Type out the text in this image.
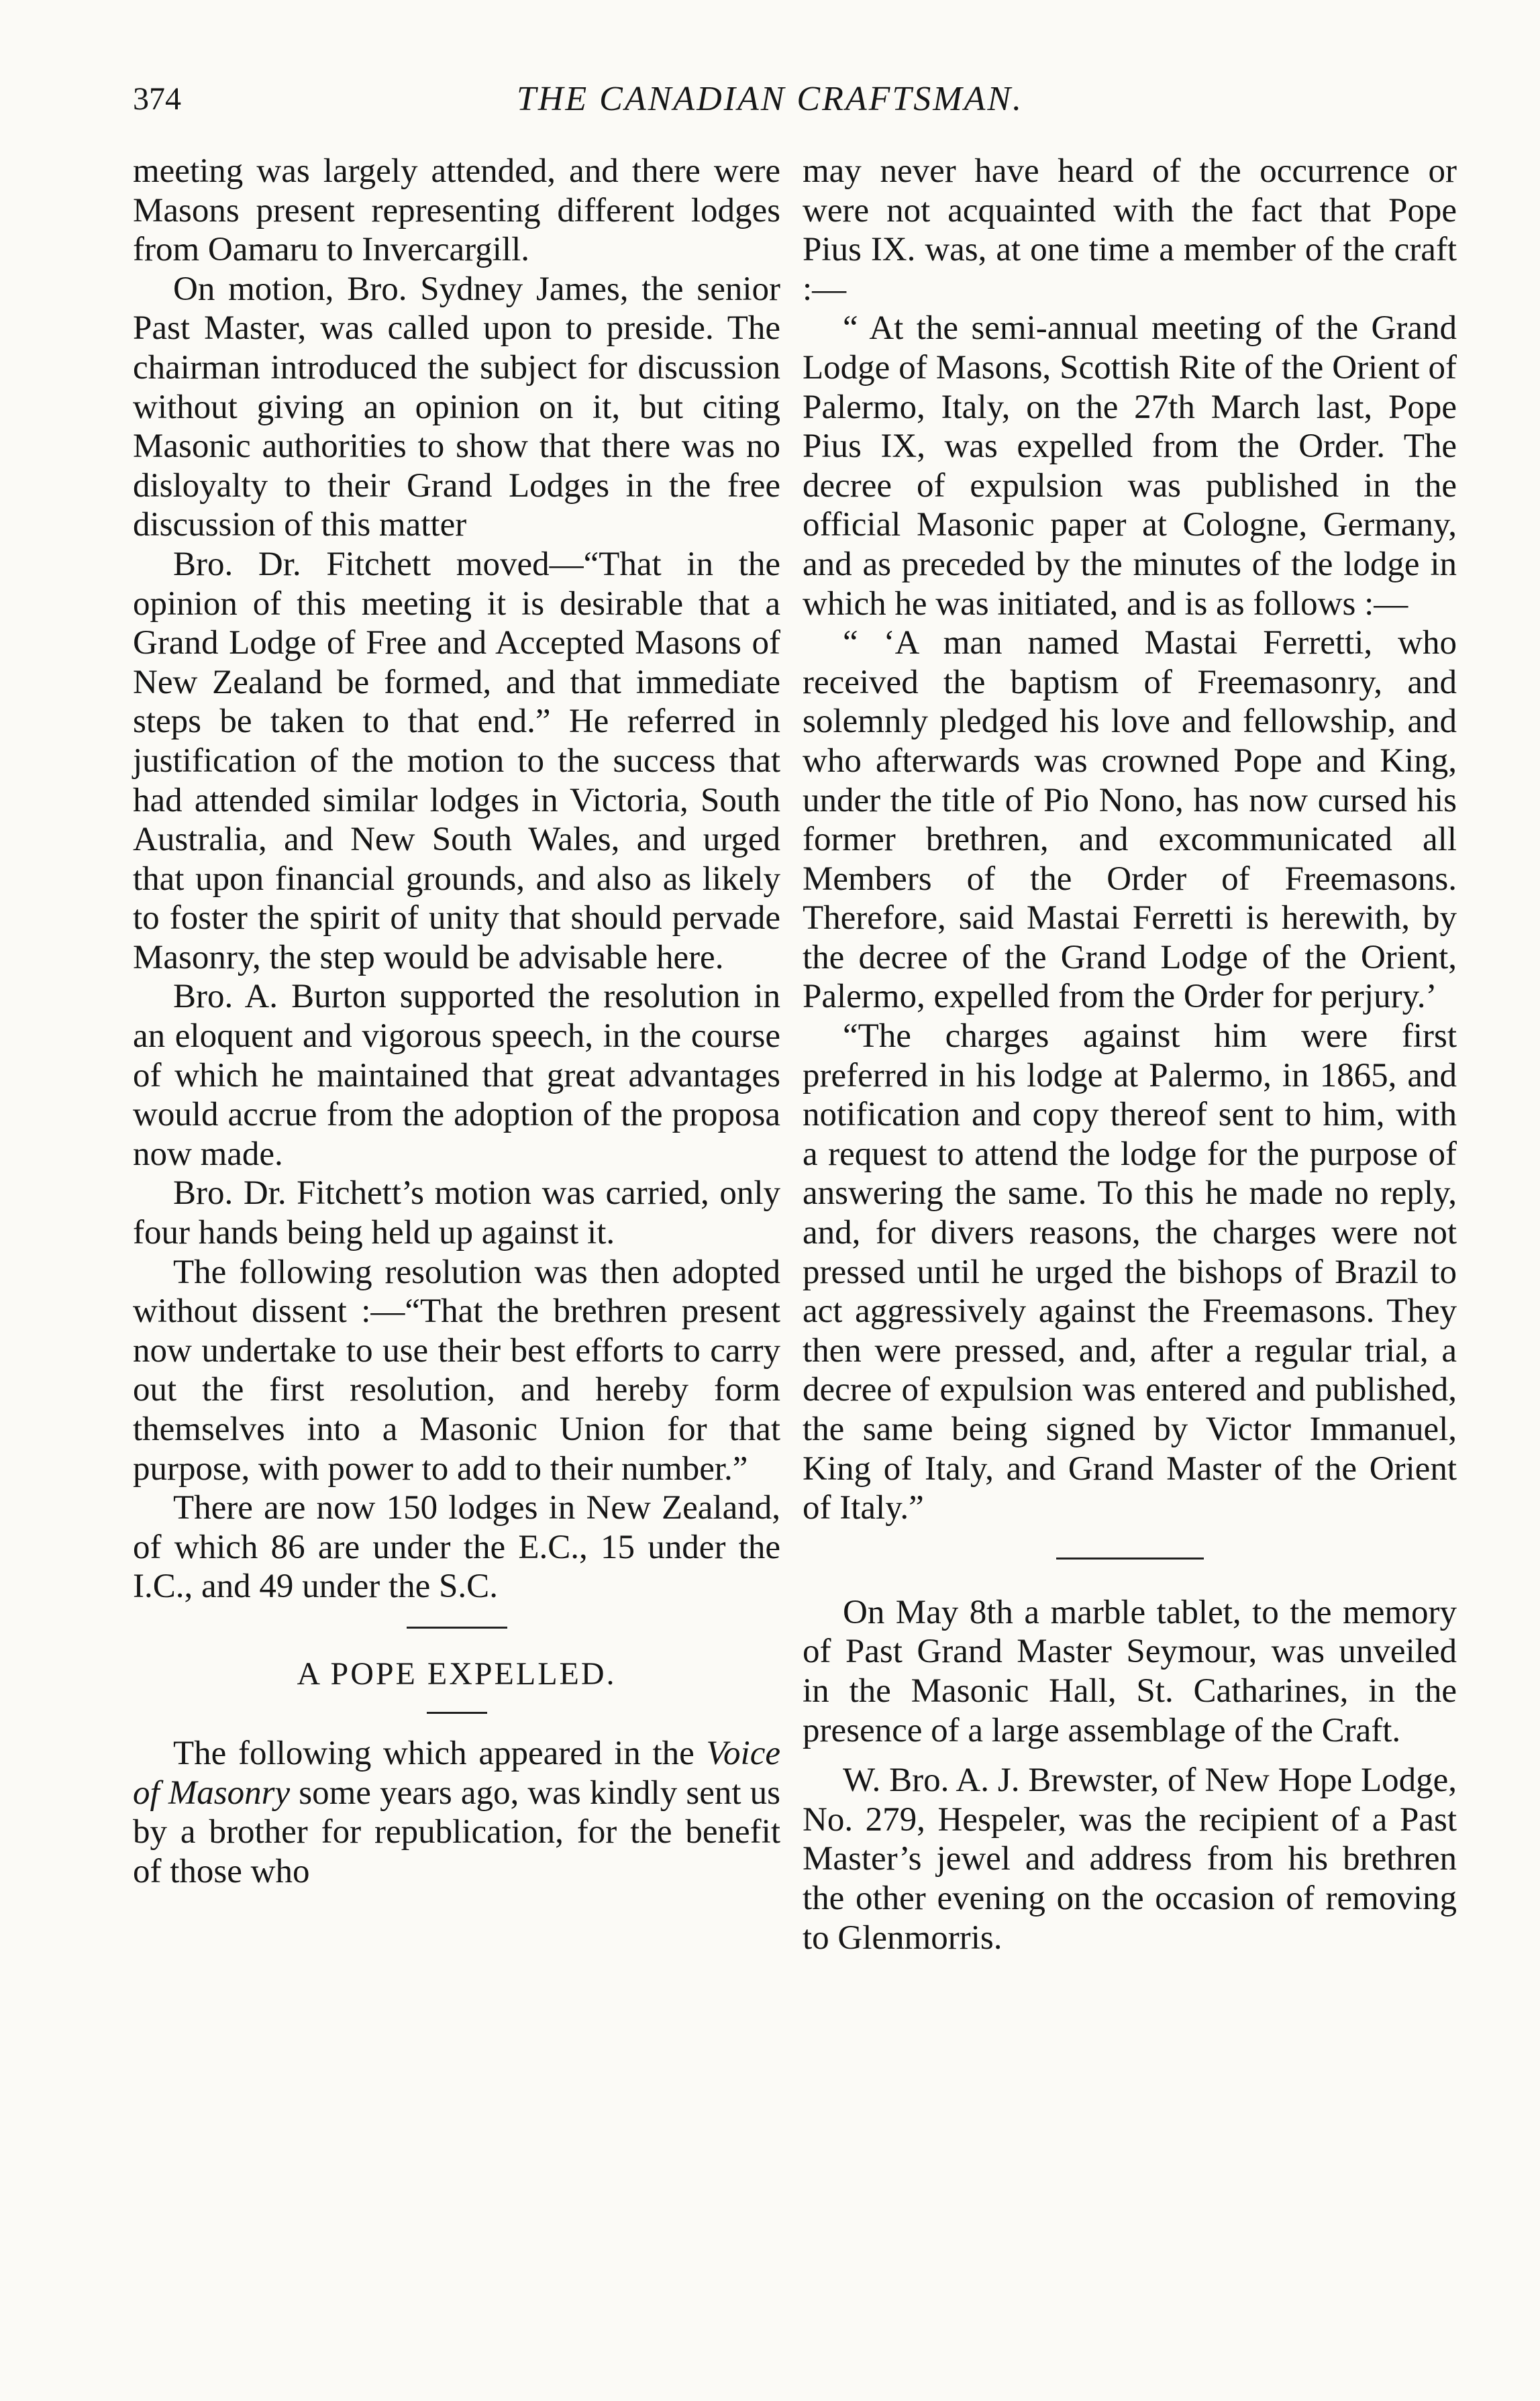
374	THE CANADIAN CRAFTSMAN.

meeting was largely attended, and there were Masons present representing different lodges from Oamaru to Invercargill.

On motion, Bro. Sydney James, the senior Past Master, was called upon to preside. The chairman introduced the subject for discussion without giving an opinion on it, but citing Masonic authorities to show that there was no disloyalty to their Grand Lodges in the free discussion of this matter

Bro. Dr. Fitchett moved—“That in the opinion of this meeting it is desirable that a Grand Lodge of Free and Accepted Masons of New Zealand be formed, and that immediate steps be taken to that end.” He referred in justification of the motion to the success that had attended similar lodges in Victoria, South Australia, and New South Wales, and urged that upon financial grounds, and also as likely to foster the spirit of unity that should pervade Masonry, the step would be advisable here.

Bro. A. Burton supported the resolution in an eloquent and vigorous speech, in the course of which he maintained that great advantages would accrue from the adoption of the proposa now made.

Bro. Dr. Fitchett’s motion was carried, only four hands being held up against it.

The following resolution was then adopted without dissent :—“That the brethren present now undertake to use their best efforts to carry out the first resolution, and hereby form themselves into a Masonic Union for that purpose, with power to add to their number.”

There are now 150 lodges in New Zealand, of which 86 are under the E.C., 15 under the I.C., and 49 under the S.C.

A POPE EXPELLED.

The following which appeared in the Voice of Masonry some years ago, was kindly sent us by a brother for republication, for the benefit of those who

may never have heard of the occurrence or were not acquainted with the fact that Pope Pius IX. was, at one time a member of the craft :—

“ At the semi-annual meeting of the Grand Lodge of Masons, Scottish Rite of the Orient of Palermo, Italy, on the 27th March last, Pope Pius IX, was expelled from the Order. The decree of expulsion was published in the official Masonic paper at Cologne, Germany, and as preceded by the minutes of the lodge in which he was initiated, and is as follows :—

“ ‘A man named Mastai Ferretti, who received the baptism of Freemasonry, and solemnly pledged his love and fellowship, and who afterwards was crowned Pope and King, under the title of Pio Nono, has now cursed his former brethren, and excommunicated all Members of the Order of Freemasons. Therefore, said Mastai Ferretti is herewith, by the decree of the Grand Lodge of the Orient, Palermo, expelled from the Order for perjury.’

“The charges against him were first preferred in his lodge at Palermo, in 1865, and notification and copy thereof sent to him, with a request to attend the lodge for the purpose of answering the same. To this he made no reply, and, for divers reasons, the charges were not pressed until he urged the bishops of Brazil to act aggressively against the Freemasons. They then were pressed, and, after a regular trial, a decree of expulsion was entered and published, the same being signed by Victor Immanuel, King of Italy, and Grand Master of the Orient of Italy.”

On May 8th a marble tablet, to the memory of Past Grand Master Seymour, was unveiled in the Masonic Hall, St. Catharines, in the presence of a large assemblage of the Craft.

W. Bro. A. J. Brewster, of New Hope Lodge, No. 279, Hespeler, was the recipient of a Past Master’s jewel and address from his brethren the other evening on the occasion of removing to Glenmorris.
